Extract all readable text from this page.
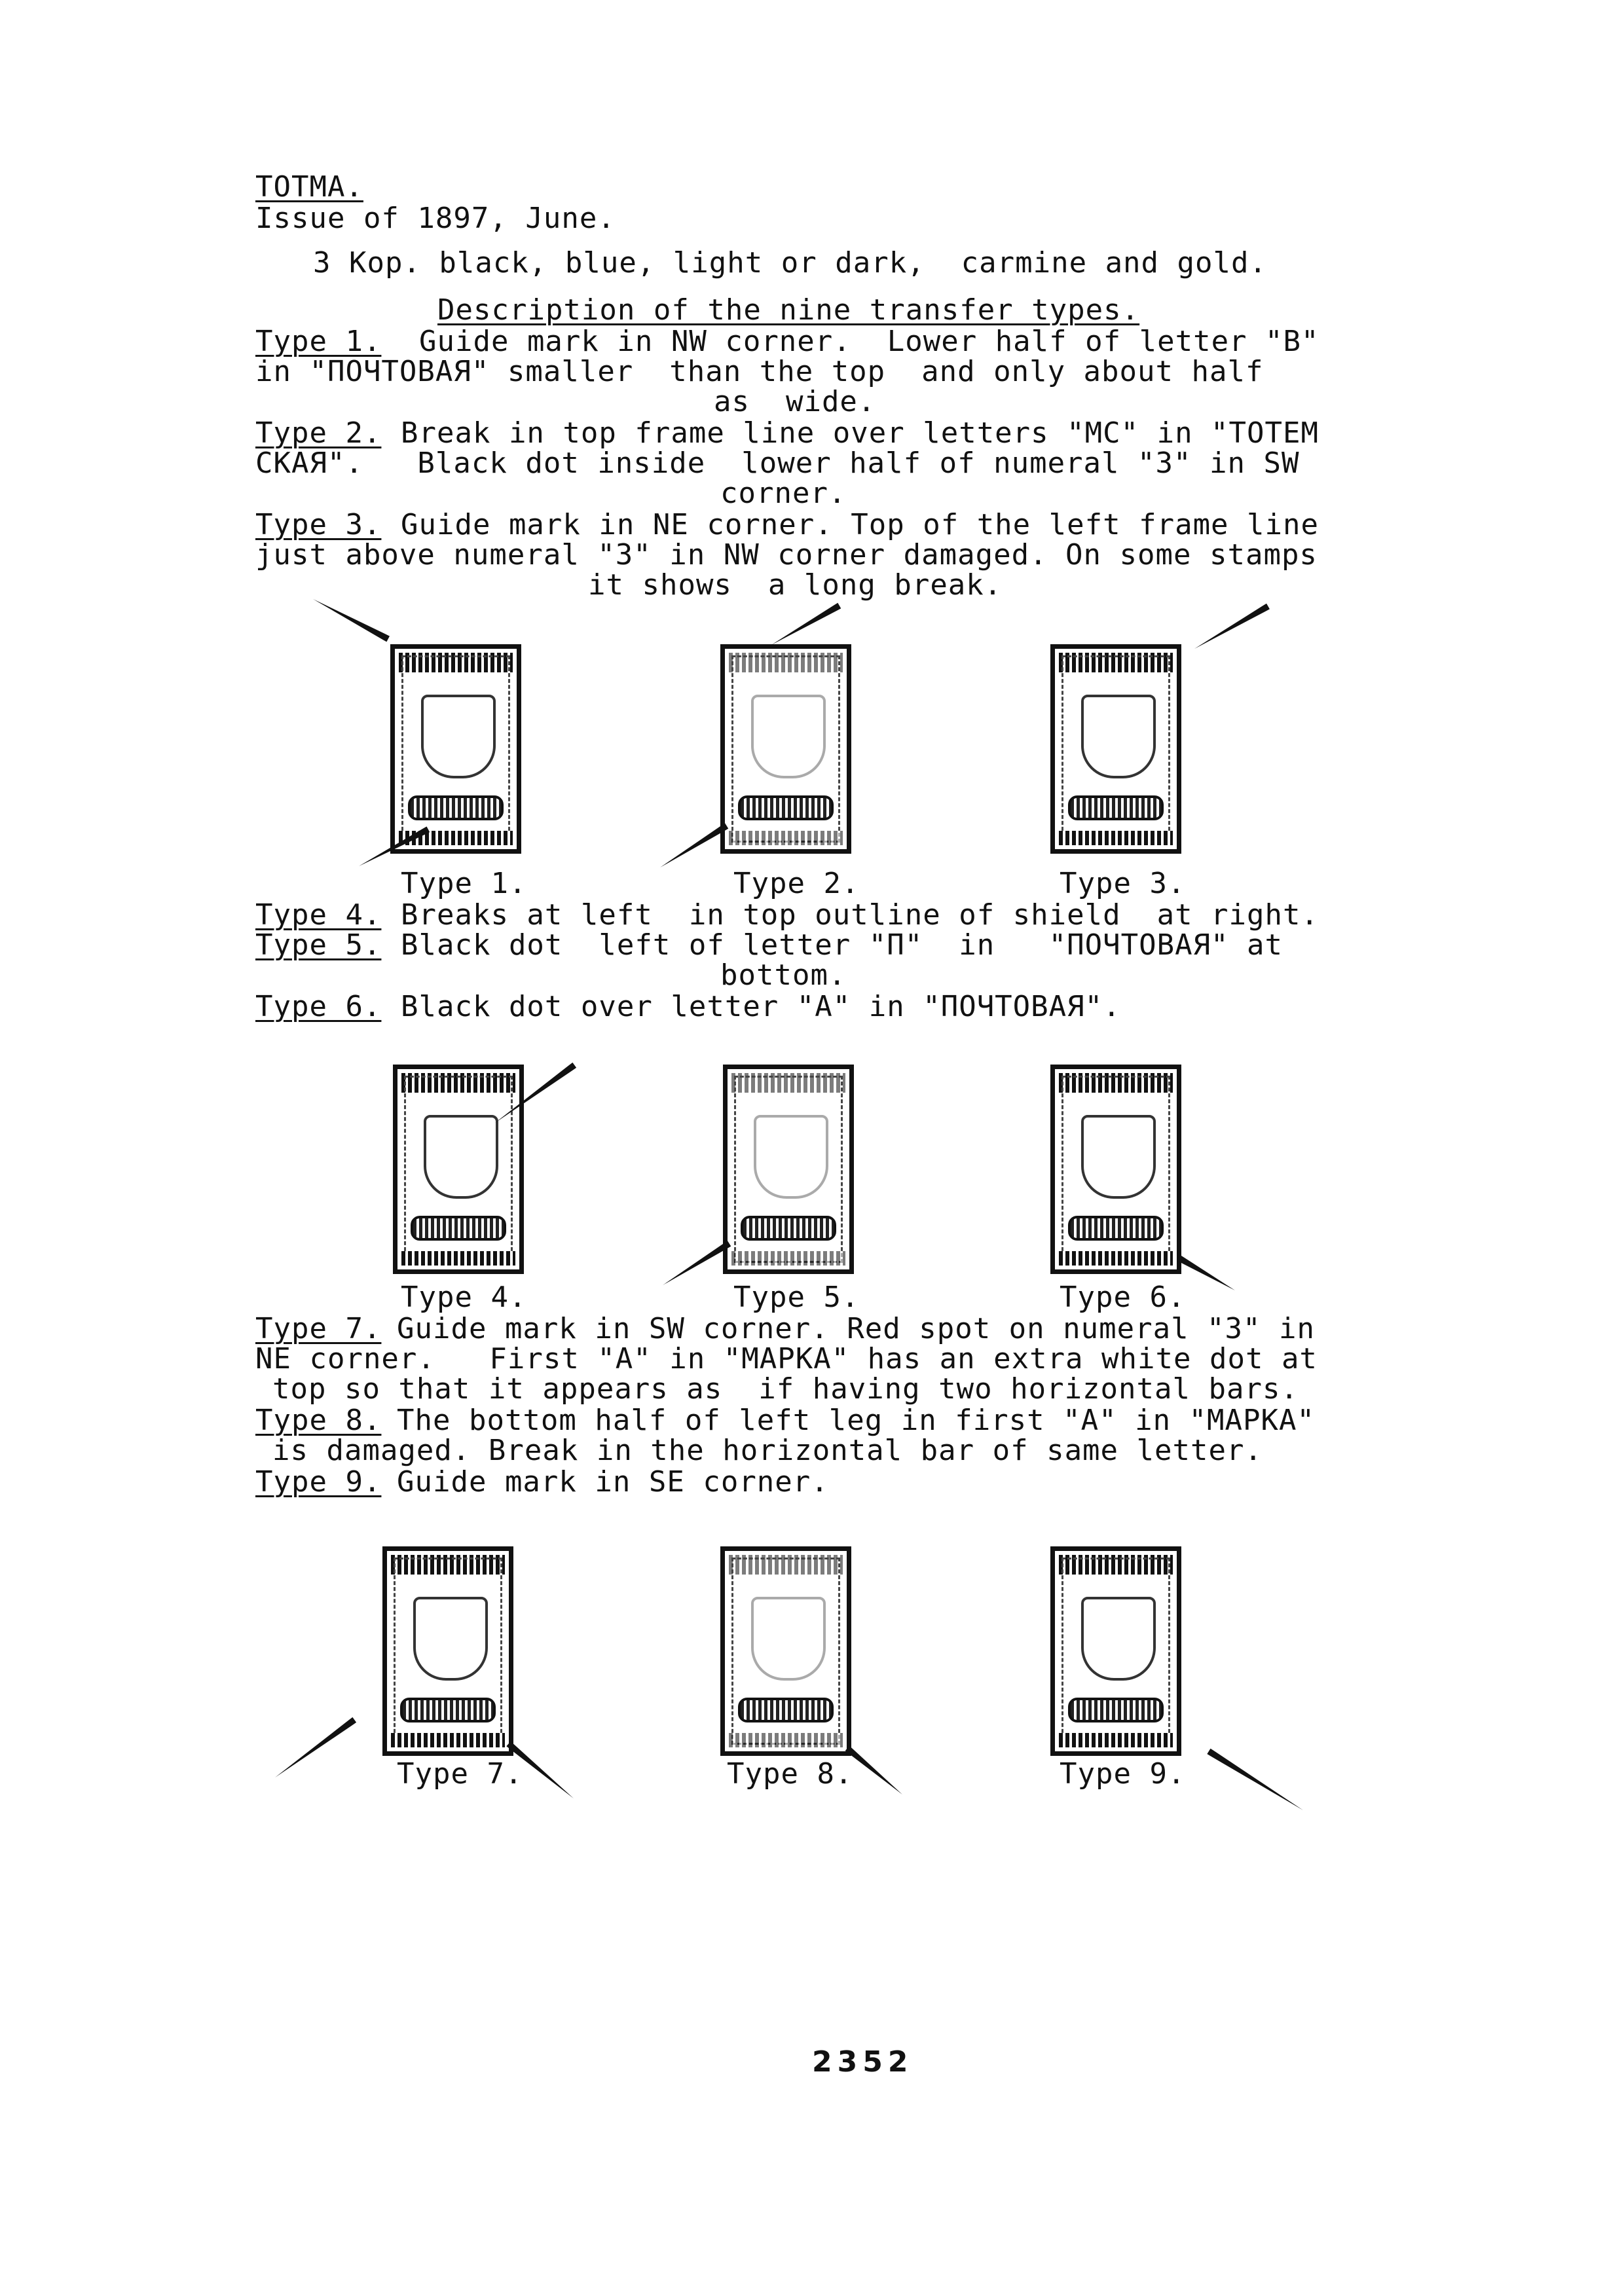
TOTMA.
Issue of 1897, June.
3 Kop. black, blue, light or dark,  carmine and gold.
Description of the nine transfer types.
Type 1. Guide mark in NW corner.  Lower half of letter "B"
in "ПОЧТОВАЯ" smaller  than the top  and only about half
as  wide.
Type 2. Break in top frame line over letters "MC" in "TOTEM
CKAЯ".   Black dot inside  lower half of numeral "3" in SW
corner.
Type 3. Guide mark in NE corner. Top of the left frame line
just above numeral "3" in NW corner damaged. On some stamps
it shows  a long break.
Type 1.	Type 2.	Type 3.
Type 4. Breaks at left  in top outline of shield  at right.
Type 5. Black dot  left of letter "П"  in   "ПОЧТОВАЯ" at
bottom.
Type 6. Black dot over letter "A" in "ПОЧТОВАЯ".
Type 4.	Type 5.	Type 6.
Type 7. Guide mark in SW corner. Red spot on numeral "3" in
NE corner.   First "A" in "MAPKA" has an extra white dot at
top so that it appears as  if having two horizontal bars.
Type 8. The bottom half of left leg in first "A" in "MAPKA"
is damaged. Break in the horizontal bar of same letter.
Type 9. Guide mark in SE corner.
Type 7.	Type 8.	Type 9.
2352
